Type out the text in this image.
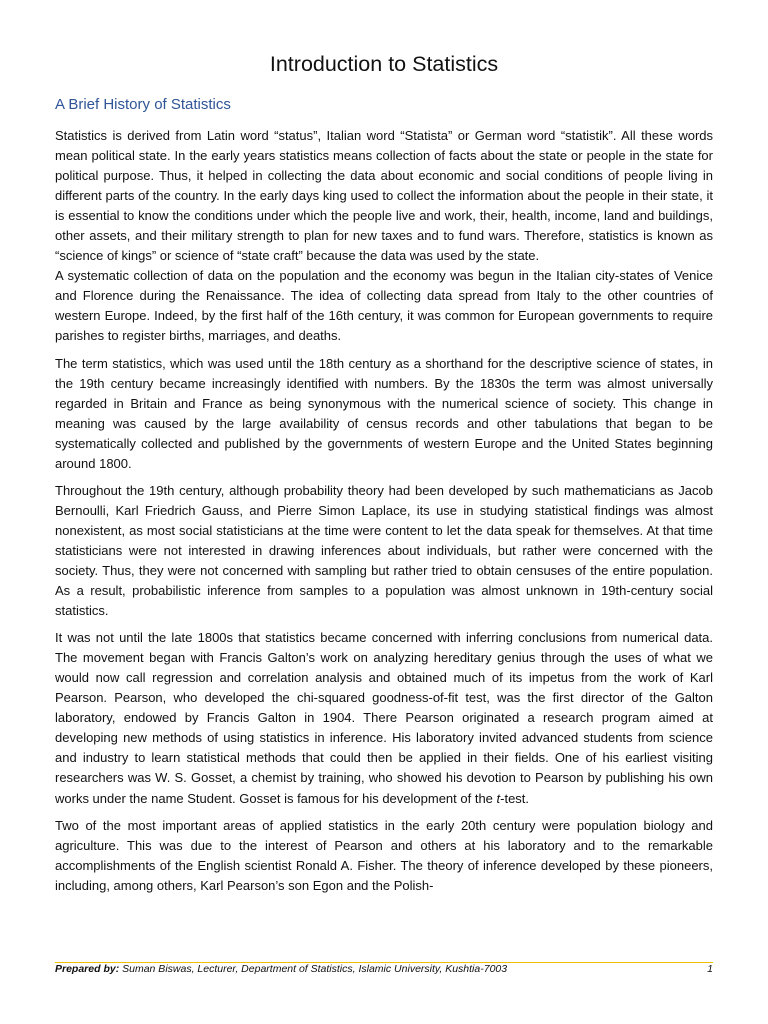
Introduction to Statistics
A Brief History of Statistics

Statistics is derived from Latin word “status”, Italian word “Statista” or German word “statistik”. All these words mean political state. In the early years statistics means collection of facts about the state or people in the state for political purpose. Thus, it helped in collecting the data about economic and social conditions of people living in different parts of the country. In the early days king used to collect the information about the people in their state, it is essential to know the conditions under which the people live and work, their, health, income, land and buildings, other assets, and their military strength to plan for new taxes and to fund wars. Therefore, statistics is known as “science of kings” or science of “state craft” because the data was used by the state.

A systematic collection of data on the population and the economy was begun in the Italian city-states of Venice and Florence during the Renaissance. The idea of collecting data spread from Italy to the other countries of western Europe. Indeed, by the first half of the 16th century, it was common for European governments to require parishes to register births, marriages, and deaths.

The term statistics, which was used until the 18th century as a shorthand for the descriptive science of states, in the 19th century became increasingly identified with numbers. By the 1830s the term was almost universally regarded in Britain and France as being synonymous with the numerical science of society. This change in meaning was caused by the large availability of census records and other tabulations that began to be systematically collected and published by the governments of western Europe and the United States beginning around 1800.

Throughout the 19th century, although probability theory had been developed by such mathematicians as Jacob Bernoulli, Karl Friedrich Gauss, and Pierre Simon Laplace, its use in studying statistical findings was almost nonexistent, as most social statisticians at the time were content to let the data speak for themselves. At that time statisticians were not interested in drawing inferences about individuals, but rather were concerned with the society. Thus, they were not concerned with sampling but rather tried to obtain censuses of the entire population. As a result, probabilistic inference from samples to a population was almost unknown in 19th-century social statistics.

It was not until the late 1800s that statistics became concerned with inferring conclusions from numerical data. The movement began with Francis Galton’s work on analyzing hereditary genius through the uses of what we would now call regression and correlation analysis and obtained much of its impetus from the work of Karl Pearson. Pearson, who developed the chi-squared goodness-of-fit test, was the first director of the Galton laboratory, endowed by Francis Galton in 1904. There Pearson originated a research program aimed at developing new methods of using statistics in inference. His laboratory invited advanced students from science and industry to learn statistical methods that could then be applied in their fields. One of his earliest visiting researchers was W. S. Gosset, a chemist by training, who showed his devotion to Pearson by publishing his own works under the name Student. Gosset is famous for his development of the t-test.

Two of the most important areas of applied statistics in the early 20th century were population biology and agriculture. This was due to the interest of Pearson and others at his laboratory and to the remarkable accomplishments of the English scientist Ronald A. Fisher. The theory of inference developed by these pioneers, including, among others, Karl Pearson’s son Egon and the Polish-

Prepared by: Suman Biswas, Lecturer, Department of Statistics, Islamic University, Kushtia-7003	1
